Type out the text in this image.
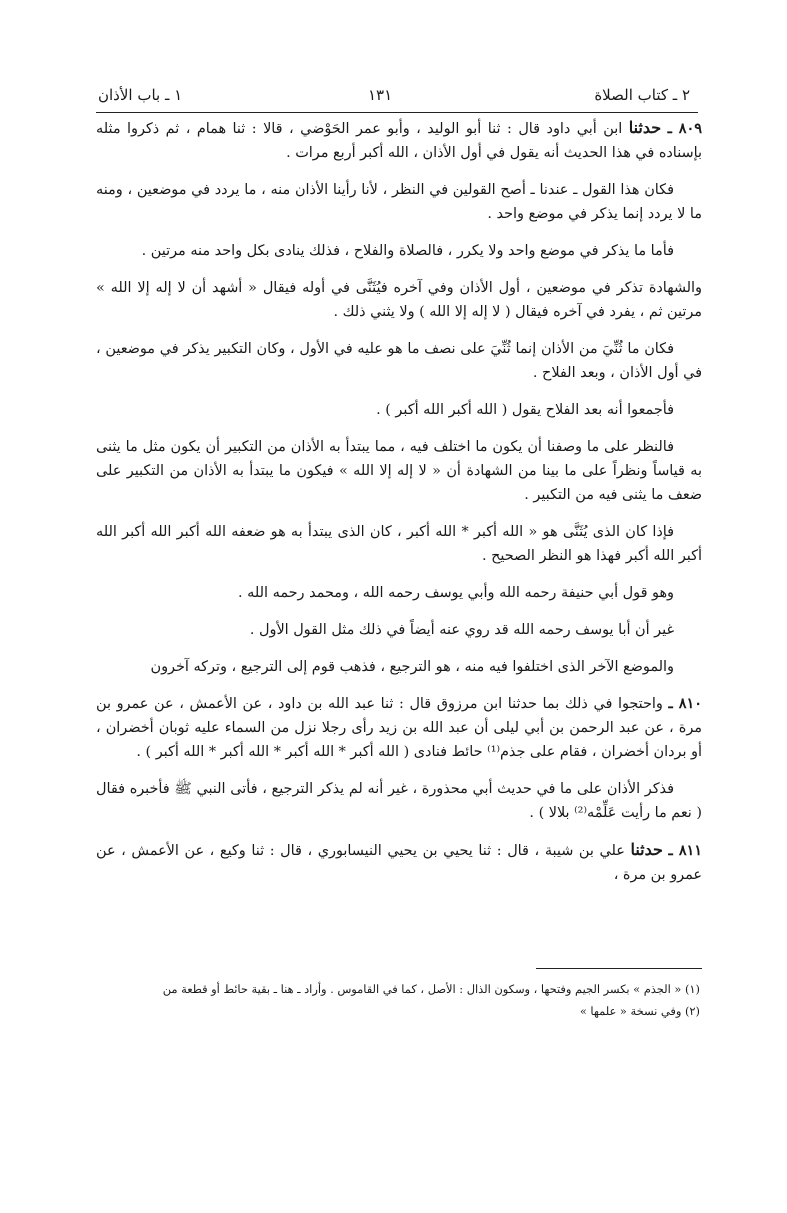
١ ـ باب الأذان	١٣١	٢ ـ كتاب الصلاة

٨٠٩ ـ حدثنا ابن أبي داود قال : ثنا أبو الوليد ، وأبو عمر الحَوْضي ، قالا : ثنا همام ، ثم ذكروا مثله بإسناده في هذا الحديث أنه يقول في أول الأذان ، الله أكبر أربع مرات .

فكان هذا القول ـ عندنا ـ أصح القولين في النظر ، لأنا رأينا الأذان منه ، ما يردد في موضعين ، ومنه ما لا يردد إنما يذكر في موضع واحد .

فأما ما يذكر في موضع واحد ولا يكرر ، فالصلاة والفلاح ، فذلك ينادى بكل واحد منه مرتين .

والشهادة تذكر في موضعين ، أول الأذان وفي آخره فيُثَنَّى في أوله فيقال « أشهد أن لا إله إلا الله » مرتين ثم ، يفرد في آخره فيقال ( لا إله إلا الله ) ولا يثني ذلك .

فكان ما ثُنِّيَ من الأذان إنما ثُنِّيَ على نصف ما هو عليه في الأول ، وكان التكبير يذكر في موضعين ، في أول الأذان ، وبعد الفلاح .

فأجمعوا أنه بعد الفلاح يقول ( الله أكبر الله أكبر ) .

فالنظر على ما وصفنا أن يكون ما اختلف فيه ، مما يبتدأ به الأذان من التكبير أن يكون مثل ما يثنى به قياساً ونظراً على ما بينا من الشهادة أن « لا إله إلا الله » فيكون ما يبتدأ به الأذان من التكبير على ضعف ما يثنى فيه من التكبير .

فإذا كان الذى يُثَنَّى هو « الله أكبر * الله أكبر ، كان الذى يبتدأ به هو ضعفه الله أكبر الله أكبر الله أكبر الله أكبر فهذا هو النظر الصحيح .

وهو قول أبي حنيفة رحمه الله وأبي يوسف رحمه الله ، ومحمد رحمه الله .

غير أن أبا يوسف رحمه الله قد روي عنه أيضاً في ذلك مثل القول الأول .

والموضع الآخر الذى اختلفوا فيه منه ، هو الترجيع ، فذهب قوم إلى الترجيع ، وتركه آخرون

٨١٠ ـ واحتجوا في ذلك بما حدثنا ابن مرزوق قال : ثنا عبد الله بن داود ، عن الأعمش ، عن عمرو بن مرة ، عن عبد الرحمن بن أبي ليلى أن عبد الله بن زيد رأى رجلا نزل من السماء عليه ثوبان أخضران ، أو بردان أخضران ، فقام على جذم⁽¹⁾ حائط فنادى ( الله أكبر * الله أكبر * الله أكبر * الله أكبر ) .

فذكر الأذان على ما في حديث أبي محذورة ، غير أنه لم يذكر الترجيع ، فأتى النبي ﷺ فأخبره فقال ( نعم ما رأيت عَلِّمْه⁽²⁾ بلالا ) .

٨١١ ـ حدثنا علي بن شيبة ، قال : ثنا يحيي بن يحيي النيسابوري ، قال : ثنا وكيع ، عن الأعمش ، عن عمرو بن مرة ،

(١) « الجذم » بكسر الجيم وفتحها ، وسكون الذال : الأصل ، كما في القاموس . وأراد ـ هنا ـ بقية حائط أو قطعة من
(٢) وفي نسخة « علمها »
